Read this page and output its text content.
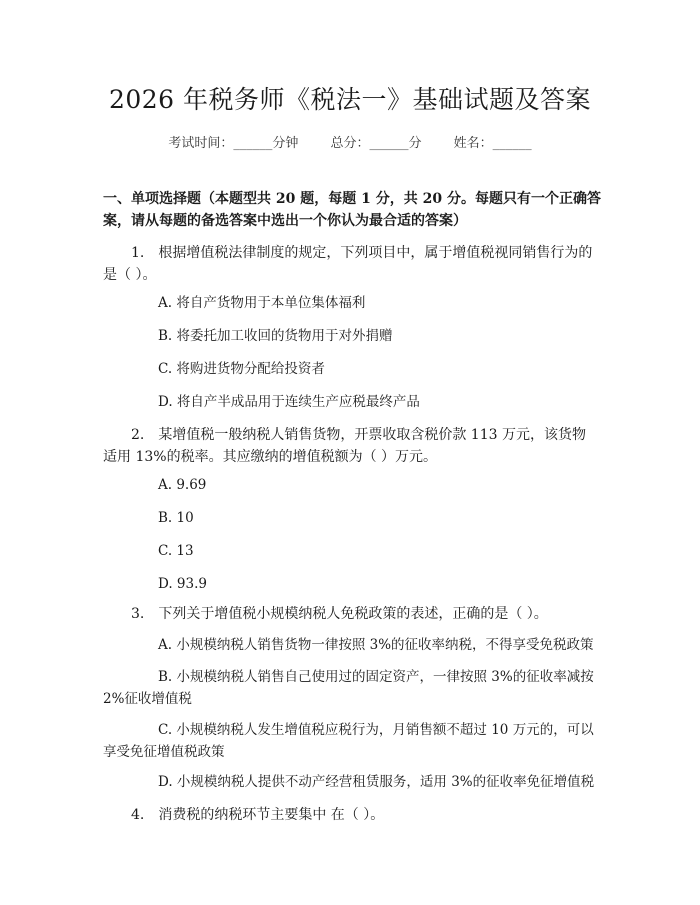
2026 年税务师《税法一》基础试题及答案
考试时间：______分钟 总分：______分 姓名：______
一、单项选择题（本题型共 20 题，每题 1 分，共 20 分。每题只有一个正确答案，请从每题的备选答案中选出一个你认为最合适的答案）
1.　根据增值税法律制度的规定，下列项目中，属于增值税视同销售行为的是（ ）。
A. 将自产货物用于本单位集体福利
B. 将委托加工收回的货物用于对外捐赠
C. 将购进货物分配给投资者
D. 将自产半成品用于连续生产应税最终产品
2.　某增值税一般纳税人销售货物，开票收取含税价款 113 万元，该货物适用 13%的税率。其应缴纳的增值税额为（ ）万元。
A. 9.69
B. 10
C. 13
D. 93.9
3.　下列关于增值税小规模纳税人免税政策的表述，正确的是（ ）。
A. 小规模纳税人销售货物一律按照 3%的征收率纳税，不得享受免税政策
B. 小规模纳税人销售自己使用过的固定资产，一律按照 3%的征收率减按 2%征收增值税
C. 小规模纳税人发生增值税应税行为，月销售额不超过 10 万元的，可以享受免征增值税政策
D. 小规模纳税人提供不动产经营租赁服务，适用 3%的征收率免征增值税
4.　消费税的纳税环节主要集中 在（ ）。
